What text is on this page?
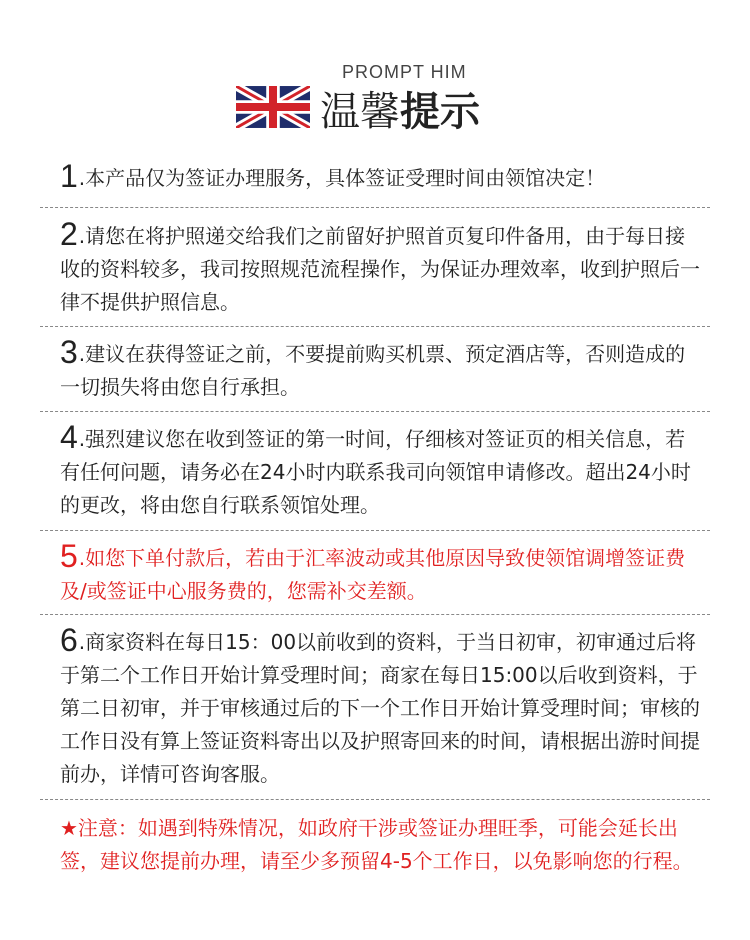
PROMPT HIM
温馨提示
1.本产品仅为签证办理服务，具体签证受理时间由领馆决定！
2.请您在将护照递交给我们之前留好护照首页复印件备用，由于每日接收的资料较多，我司按照规范流程操作，为保证办理效率，收到护照后一律不提供护照信息。
3.建议在获得签证之前，不要提前购买机票、预定酒店等，否则造成的一切损失将由您自行承担。
4.强烈建议您在收到签证的第一时间，仔细核对签证页的相关信息，若有任何问题，请务必在24小时内联系我司向领馆申请修改。超出24小时的更改，将由您自行联系领馆处理。
5.如您下单付款后，若由于汇率波动或其他原因导致使领馆调增签证费及/或签证中心服务费的，您需补交差额。
6.商家资料在每日15：00以前收到的资料，于当日初审，初审通过后将于第二个工作日开始计算受理时间；商家在每日15:00以后收到资料，于第二日初审，并于审核通过后的下一个工作日开始计算受理时间；审核的工作日没有算上签证资料寄出以及护照寄回来的时间，请根据出游时间提前办，详情可咨询客服。
★注意：如遇到特殊情况，如政府干涉或签证办理旺季，可能会延长出签，建议您提前办理，请至少多预留4-5个工作日，以免影响您的行程。
